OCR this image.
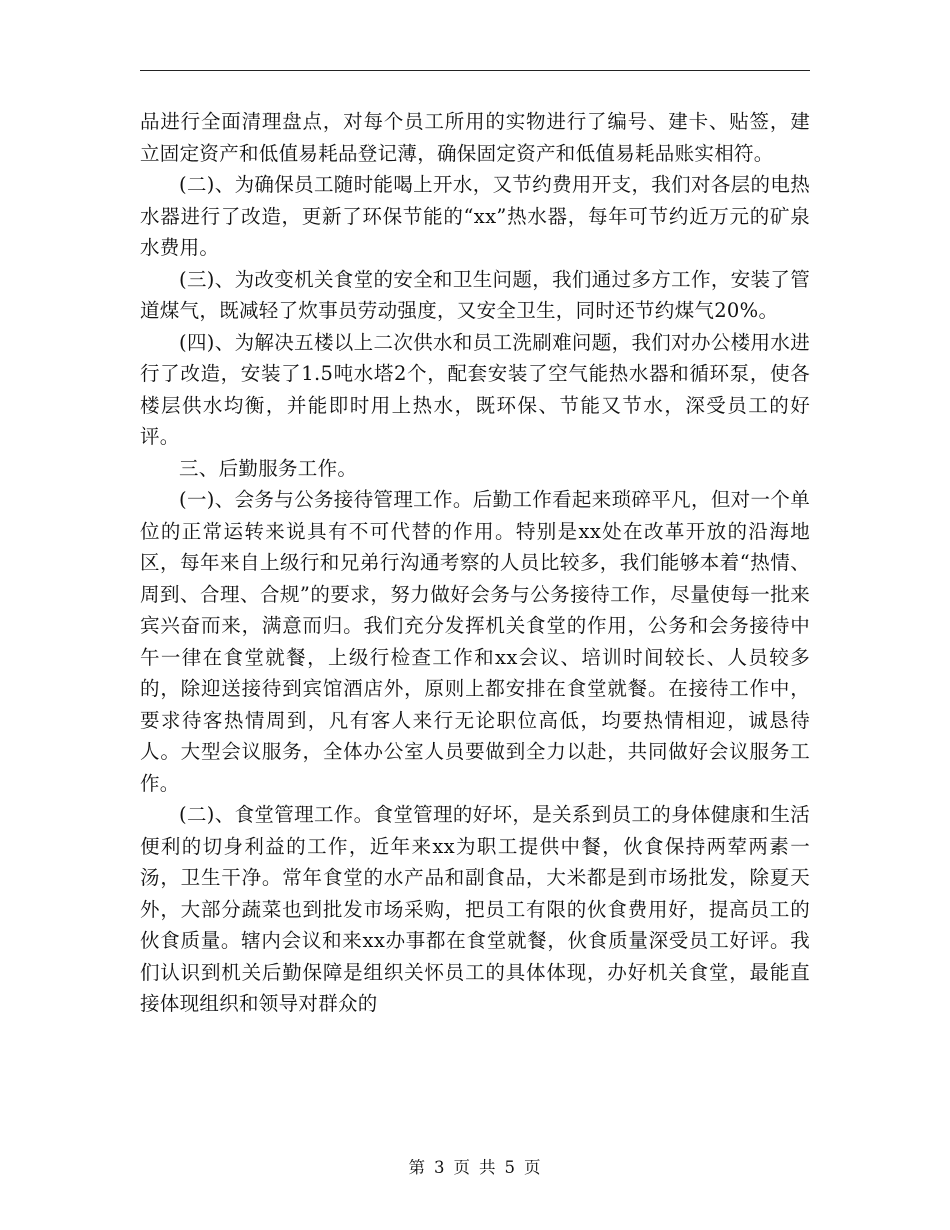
品进行全面清理盘点，对每个员工所用的实物进行了编号、建卡、贴签，建立固定资产和低值易耗品登记薄，确保固定资产和低值易耗品账实相符。

(二)、为确保员工随时能喝上开水，又节约费用开支，我们对各层的电热水器进行了改造，更新了环保节能的“xx”热水器，每年可节约近万元的矿泉水费用。

(三)、为改变机关食堂的安全和卫生问题，我们通过多方工作，安装了管道煤气，既减轻了炊事员劳动强度，又安全卫生，同时还节约煤气20%。

(四)、为解决五楼以上二次供水和员工洗刷难问题，我们对办公楼用水进行了改造，安装了1.5吨水塔2个，配套安装了空气能热水器和循环泵，使各楼层供水均衡，并能即时用上热水，既环保、节能又节水，深受员工的好评。

三、后勤服务工作。

(一)、会务与公务接待管理工作。后勤工作看起来琐碎平凡，但对一个单位的正常运转来说具有不可代替的作用。特别是xx处在改革开放的沿海地区，每年来自上级行和兄弟行沟通考察的人员比较多，我们能够本着“热情、周到、合理、合规”的要求，努力做好会务与公务接待工作，尽量使每一批来宾兴奋而来，满意而归。我们充分发挥机关食堂的作用，公务和会务接待中午一律在食堂就餐，上级行检查工作和xx会议、培训时间较长、人员较多的，除迎送接待到宾馆酒店外，原则上都安排在食堂就餐。在接待工作中，要求待客热情周到，凡有客人来行无论职位高低，均要热情相迎，诚恳待人。大型会议服务，全体办公室人员要做到全力以赴，共同做好会议服务工作。

(二)、食堂管理工作。食堂管理的好坏，是关系到员工的身体健康和生活便利的切身利益的工作，近年来xx为职工提供中餐，伙食保持两荤两素一汤，卫生干净。常年食堂的水产品和副食品，大米都是到市场批发，除夏天外，大部分蔬菜也到批发市场采购，把员工有限的伙食费用好，提高员工的伙食质量。辖内会议和来xx办事都在食堂就餐，伙食质量深受员工好评。我们认识到机关后勤保障是组织关怀员工的具体体现，办好机关食堂，最能直接体现组织和领导对群众的

第 3 页 共 5 页
